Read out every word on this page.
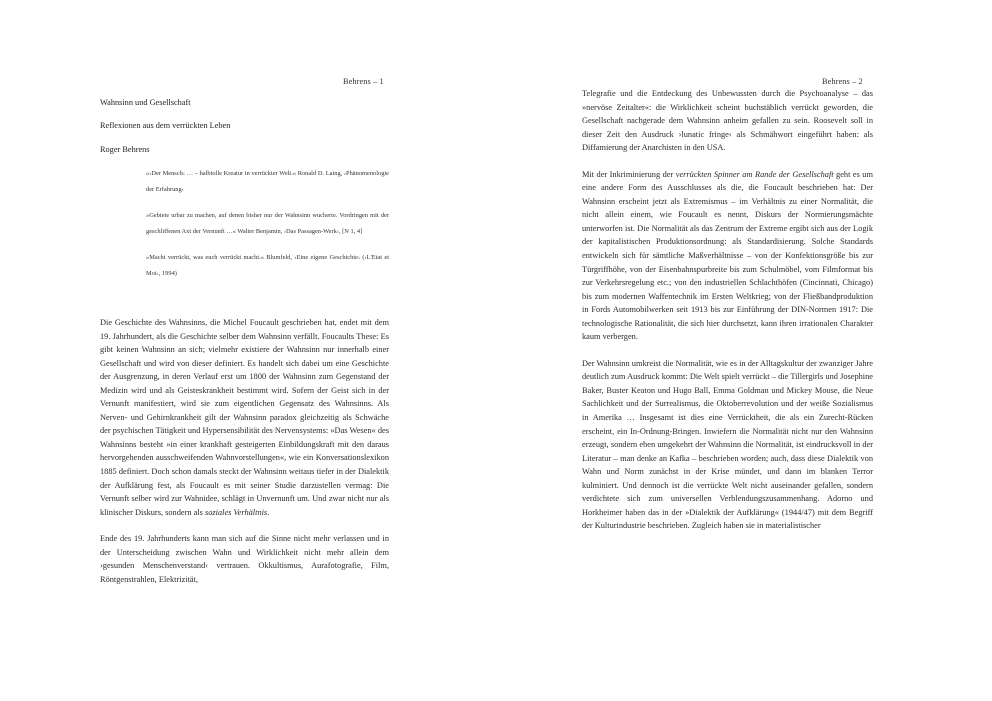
Behrens – 1
Wahnsinn und Gesellschaft
Reflexionen aus dem verrückten Leben
Roger Behrens

»›Der Mensch‹ … – halbtolle Kreatur in verrückter Welt.« Ronald D. Laing, ›Phänomenologie der Erfahrung‹

»Gebiete urbar zu machen, auf denen bisher nur der Wahnsinn wucherte. Vordringen mit der geschliffenen Axt der Vernunft …« Walter Benjamin, ›Das Passagen-Werk‹, [N 1, 4]

»Macht verrückt, was euch verrückt macht.« Blumfeld, ›Eine eigene Geschichte‹ (›L'Etat et Moi‹, 1994)

Die Geschichte des Wahnsinns, die Michel Foucault geschrieben hat, endet mit dem 19. Jahrhundert, als die Geschichte selber dem Wahnsinn verfällt. Foucaults These: Es gibt keinen Wahnsinn an sich; vielmehr existiere der Wahnsinn nur innerhalb einer Gesellschaft und wird von dieser definiert. Es handelt sich dabei um eine Geschichte der Ausgrenzung, in deren Verlauf erst um 1800 der Wahnsinn zum Gegenstand der Medizin wird und als Geisteskrankheit bestimmt wird. Sofern der Geist sich in der Vernunft manifestiert, wird sie zum eigentlichen Gegensatz des Wahnsinns. Als Nerven- und Gehirnkrankheit gilt der Wahnsinn paradox gleichzeitig als Schwäche der psychischen Tätigkeit und Hypersensibilität des Nervensystems: »Das Wesen« des Wahnsinns besteht »in einer krankhaft gesteigerten Einbildungskraft mit den daraus hervorgehenden ausschweifenden Wahnvorstellungen«, wie ein Konversationslexikon 1885 definiert. Doch schon damals steckt der Wahnsinn weitaus tiefer in der Dialektik der Aufklärung fest, als Foucault es mit seiner Studie darzustellen vermag: Die Vernunft selber wird zur Wahnidee, schlägt in Unvernunft um. Und zwar nicht nur als klinischer Diskurs, sondern als soziales Verhältnis.

Ende des 19. Jahrhunderts kann man sich auf die Sinne nicht mehr verlassen und in der Unterscheidung zwischen Wahn und Wirklichkeit nicht mehr allein dem ›gesunden Menschenverstand‹ vertrauen. Okkultismus, Aurafotografie, Film, Röntgenstrahlen, Elektrizität,

Behrens – 2

Telegrafie und die Entdeckung des Unbewussten durch die Psychoanalyse – das »nervöse Zeitalter«: die Wirklichkeit scheint buchstäblich verrückt geworden, die Gesellschaft nachgerade dem Wahnsinn anheim gefallen zu sein. Roosevelt soll in dieser Zeit den Ausdruck ›lunatic fringe‹ als Schmähwort eingeführt haben: als Diffamierung der Anarchisten in den USA.

Mit der Inkriminierung der verrückten Spinner am Rande der Gesellschaft geht es um eine andere Form des Ausschlusses als die, die Foucault beschrieben hat: Der Wahnsinn erscheint jetzt als Extremismus – im Verhältnis zu einer Normalität, die nicht allein einem, wie Foucault es nennt, Diskurs der Normierungsmächte unterworfen ist. Die Normalität als das Zentrum der Extreme ergibt sich aus der Logik der kapitalistischen Produktionsordnung: als Standardisierung. Solche Standards entwickeln sich für sämtliche Maßverhältnisse – von der Konfektionsgröße bis zur Türgriffhöhe, von der Eisenbahnspurbreite bis zum Schulmöbel, vom Filmformat bis zur Verkehrsregelung etc.; von den industriellen Schlachthöfen (Cincinnati, Chicago) bis zum modernen Waffentechnik im Ersten Weltkrieg; von der Fließbandproduktion in Fords Automobilwerken seit 1913 bis zur Einführung der DIN-Normen 1917: Die technologische Rationalität, die sich hier durchsetzt, kann ihren irrationalen Charakter kaum verbergen.

Der Wahnsinn umkreist die Normalität, wie es in der Alltagskultur der zwanziger Jahre deutlich zum Ausdruck kommt: Die Welt spielt verrückt – die Tillergirls und Josephine Baker, Buster Keaton und Hugo Ball, Emma Goldman und Mickey Mouse, die Neue Sachlichkeit und der Surrealismus, die Oktoberrevolution und der weiße Sozialismus in Amerika … Insgesamt ist dies eine Verrücktheit, die als ein Zurecht-Rücken erscheint, ein In-Ordnung-Bringen. Inwiefern die Normalität nicht nur den Wahnsinn erzeugt, sondern eben umgekehrt der Wahnsinn die Normalität, ist eindrucksvoll in der Literatur – man denke an Kafka – beschrieben worden; auch, dass diese Dialektik von Wahn und Norm zunächst in der Krise mündet, und dann im blanken Terror kulminiert. Und dennoch ist die verrückte Welt nicht auseinander gefallen, sondern verdichtete sich zum universellen Verblendungszusammenhang. Adorno und Horkheimer haben das in der »Dialektik der Aufklärung« (1944/47) mit dem Begriff der Kulturindustrie beschrieben. Zugleich haben sie in materialistischer
